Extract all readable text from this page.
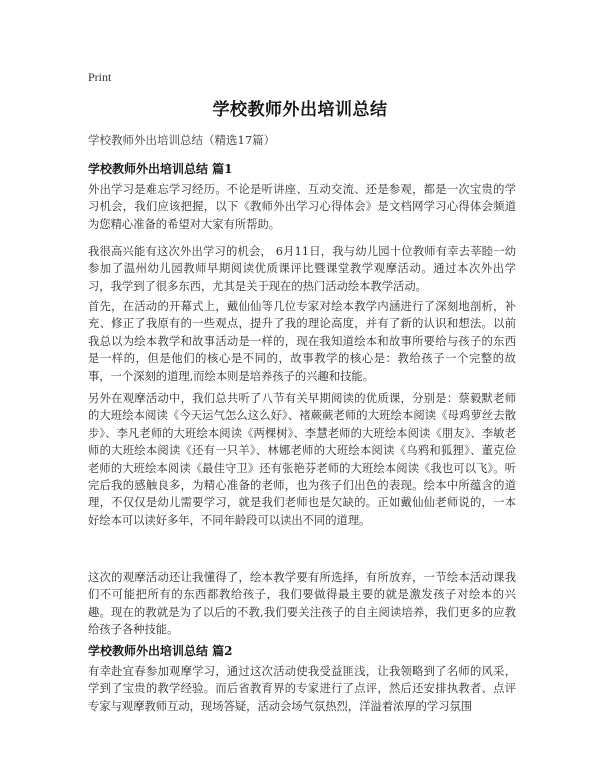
Print
学校教师外出培训总结
学校教师外出培训总结（精选17篇）
学校教师外出培训总结 篇1
外出学习是难忘学习经历。不论是听讲座、互动交流、还是参观，都是一次宝贵的学习机会，我们应该把握，以下《教师外出学习心得体会》是文档网学习心得体会频道为您精心准备的希望对大家有所帮助。
我很高兴能有这次外出学习的机会， 6月11日，我与幼儿园十位教师有幸去莘睦一幼参加了温州幼儿园教师早期阅读优质课评比暨课堂教学观摩活动。通过本次外出学习，我学到了很多东西，尤其是关于现在的热门活动绘本教学活动。
首先，在活动的开幕式上，戴仙仙等几位专家对绘本教学内涵进行了深刻地剖析，补充、修正了我原有的一些观点，提升了我的理论高度，并有了新的认识和想法。以前我总以为绘本教学和故事活动是一样的，现在我知道绘本和故事所要给与孩子的东西是一样的，但是他们的核心是不同的，故事教学的核心是：教给孩子一个完整的故事，一个深刻的道理,而绘本则是培养孩子的兴趣和技能。
另外在观摩活动中，我们总共听了八节有关早期阅读的优质课，分别是：蔡毅默老师的大班绘本阅读《今天运气怎么这么好》、褚蕨蕨老师的大班绘本阅读《母鸡萝丝去散步》、李凡老师的大班绘本阅读《两棵树》、李慧老师的大班绘本阅读《朋友》、李敏老师的大班绘本阅读《还有一只羊》、林娜老师的大班绘本阅读《乌鸦和狐狸》、董克俭老师的大班绘本阅读《最佳守卫》还有张艳芬老师的大班绘本阅读《我也可以飞》。听完后我的感触良多，为精心准备的老师，也为孩子们出色的表现。绘本中所蕴含的道理，不仅仅是幼儿需要学习，就是我们老师也是欠缺的。正如戴仙仙老师说的，一本好绘本可以读好多年，不同年龄段可以读出不同的道理。
这次的观摩活动还让我懂得了，绘本教学要有所选择，有所放弃，一节绘本活动课我们不可能把所有的东西都教给孩子，我们要做得最主要的就是激发孩子对绘本的兴趣。现在的教就是为了以后的不教,我们要关注孩子的自主阅读培养，我们更多的应教给孩子各种技能。
学校教师外出培训总结 篇2
有幸赴宜春参加观摩学习，通过这次活动使我受益匪浅，让我领略到了名师的风采，学到了宝贵的教学经验。而后省教育界的专家进行了点评，然后还安排执教者、点评专家与观摩教师互动，现场答疑，活动会场气氛热烈，洋溢着浓厚的学习氛围
